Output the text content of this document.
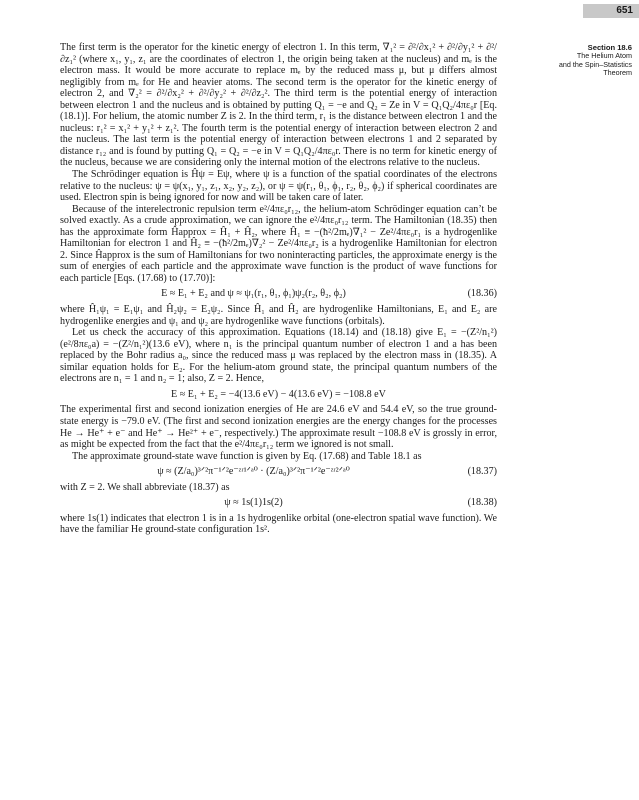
651
Section 18.6
The Helium Atom
and the Spin–Statistics
Theorem

The first term is the operator for the kinetic energy of electron 1. In this term, ∇₁² = ∂²/∂x₁² + ∂²/∂y₁² + ∂²/∂z₁² (where x₁, y₁, z₁ are the coordinates of electron 1, the origin being taken at the nucleus) and mₑ is the electron mass. It would be more accurate to replace mₑ by the reduced mass μ, but μ differs almost negligibly from mₑ for He and heavier atoms. The second term is the operator for the kinetic energy of electron 2, and ∇₂² = ∂²/∂x₂² + ∂²/∂y₂² + ∂²/∂z₂². The third term is the potential energy of interaction between electron 1 and the nucleus and is obtained by putting Q₁ = −e and Q₂ = Ze in V = Q₁Q₂/4πε₀r [Eq. (18.1)]. For helium, the atomic number Z is 2. In the third term, r₁ is the distance between electron 1 and the nucleus: r₁² = x₁² + y₁² + z₁². The fourth term is the potential energy of interaction between electron 2 and the nucleus. The last term is the potential energy of interaction between electrons 1 and 2 separated by distance r₁₂ and is found by putting Q₁ = Q₂ = −e in V = Q₁Q₂/4πε₀r. There is no term for kinetic energy of the nucleus, because we are considering only the internal motion of the electrons relative to the nucleus.

The Schrödinger equation is Ĥψ = Eψ, where ψ is a function of the spatial coordinates of the electrons relative to the nucleus: ψ = ψ(x₁, y₁, z₁, x₂, y₂, z₂), or ψ = ψ(r₁, θ₁, ϕ₁, r₂, θ₂, ϕ₂) if spherical coordinates are used. Electron spin is being ignored for now and will be taken care of later.

Because of the interelectronic repulsion term e²/4πε₀r₁₂, the helium-atom Schrödinger equation can’t be solved exactly. As a crude approximation, we can ignore the e²/4πε₀r₁₂ term. The Hamiltonian (18.35) then has the approximate form Ĥapprox = Ĥ₁ + Ĥ₂, where Ĥ₁ ≡ −(ħ²/2mₑ)∇₁² − Ze²/4πε₀r₁ is a hydrogenlike Hamiltonian for electron 1 and Ĥ₂ ≡ −(ħ²/2mₑ)∇₂² − Ze²/4πε₀r₂ is a hydrogenlike Hamiltonian for electron 2. Since Ĥapprox is the sum of Hamiltonians for two noninteracting particles, the approximate energy is the sum of energies of each particle and the approximate wave function is the product of wave functions for each particle [Eqs. (17.68) to (17.70)]:

E ≈ E₁ + E₂ and ψ ≈ ψ₁(r₁, θ₁, ϕ₁)ψ₂(r₂, θ₂, ϕ₂)	(18.36)

where Ĥ₁ψ₁ = E₁ψ₁ and Ĥ₂ψ₂ = E₂ψ₂. Since Ĥ₁ and Ĥ₂ are hydrogenlike Hamiltonians, E₁ and E₂ are hydrogenlike energies and ψ₁ and ψ₂ are hydrogenlike wave functions (orbitals).

Let us check the accuracy of this approximation. Equations (18.14) and (18.18) give E₁ = −(Z²/n₁²)(e²/8πε₀a) = −(Z²/n₁²)(13.6 eV), where n₁ is the principal quantum number of electron 1 and a has been replaced by the Bohr radius a₀, since the reduced mass μ was replaced by the electron mass in (18.35). A similar equation holds for E₂. For the helium-atom ground state, the principal quantum numbers of the electrons are n₁ = 1 and n₂ = 1; also, Z = 2. Hence,

E ≈ E₁ + E₂ = −4(13.6 eV) − 4(13.6 eV) = −108.8 eV

The experimental first and second ionization energies of He are 24.6 eV and 54.4 eV, so the true ground-state energy is −79.0 eV. (The first and second ionization energies are the energy changes for the processes He → He⁺ + e⁻ and He⁺ → He²⁺ + e⁻, respectively.) The approximate result −108.8 eV is grossly in error, as might be expected from the fact that the e²/4πε₀r₁₂ term we ignored is not small.

The approximate ground-state wave function is given by Eq. (17.68) and Table 18.1 as

ψ ≈ (Z/a₀)³ᐟ²π⁻¹ᐟ²e⁻ᶻʳ¹ᐟᵃ⁰ · (Z/a₀)³ᐟ²π⁻¹ᐟ²e⁻ᶻʳ²ᐟᵃ⁰	(18.37)

with Z = 2. We shall abbreviate (18.37) as

ψ ≈ 1s(1)1s(2)	(18.38)

where 1s(1) indicates that electron 1 is in a 1s hydrogenlike orbital (one-electron spatial wave function). We have the familiar He ground-state configuration 1s².
